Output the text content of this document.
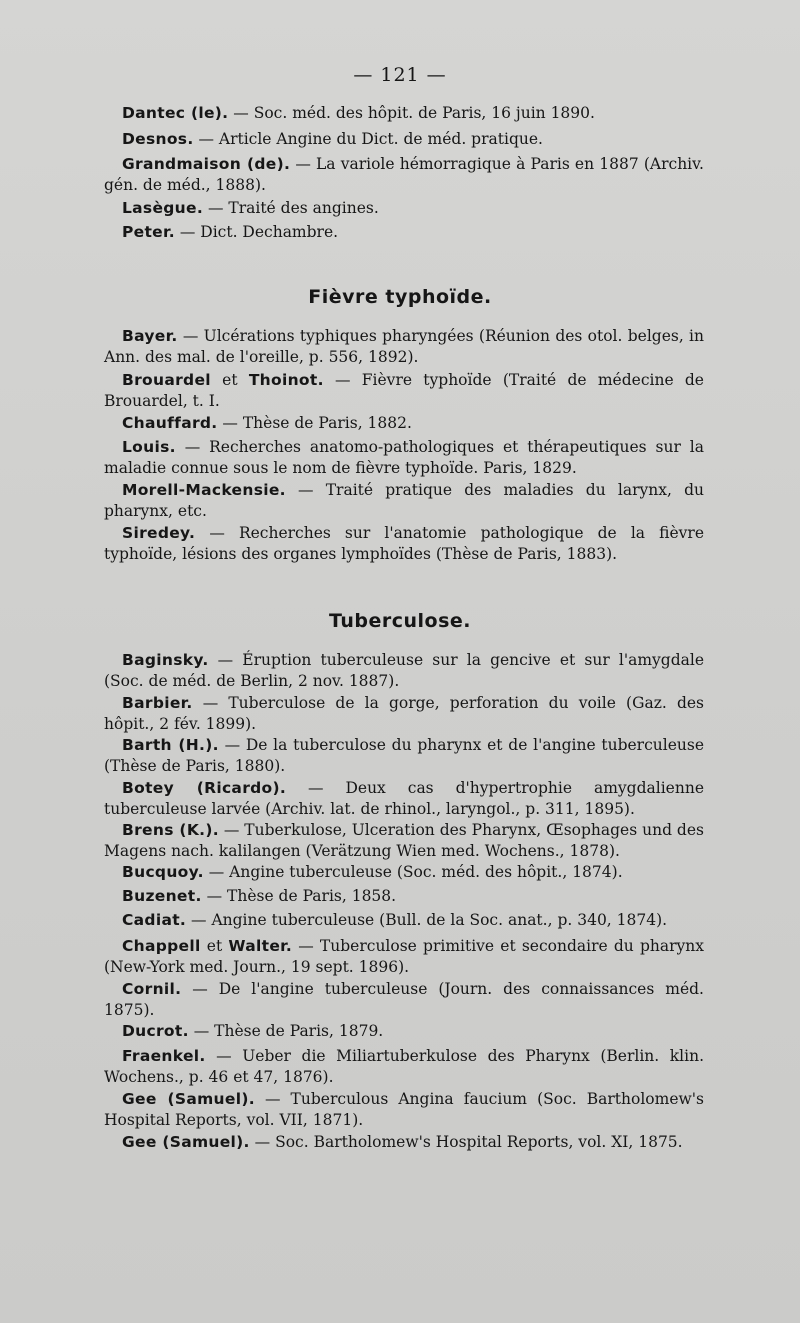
— 121 —
Dantec (le). — Soc. méd. des hôpit. de Paris, 16 juin 1890.
Desnos. — Article Angine du Dict. de méd. pratique.
Grandmaison (de). — La variole hémorragique à Paris en 1887 (Archiv. gén. de méd., 1888).
Lasègue. — Traité des angines.
Peter. — Dict. Dechambre.
Fièvre typhoïde.
Bayer. — Ulcérations typhiques pharyngées (Réunion des otol. belges, in Ann. des mal. de l'oreille, p. 556, 1892).
Brouardel et Thoinot. — Fièvre typhoïde (Traité de médecine de Brouardel, t. I.
Chauffard. — Thèse de Paris, 1882.
Louis. — Recherches anatomo-pathologiques et thérapeutiques sur la maladie connue sous le nom de fièvre typhoïde. Paris, 1829.
Morell-Mackensie. — Traité pratique des maladies du larynx, du pharynx, etc.
Siredey. — Recherches sur l'anatomie pathologique de la fièvre typhoïde, lésions des organes lymphoïdes (Thèse de Paris, 1883).
Tuberculose.
Baginsky. — Éruption tuberculeuse sur la gencive et sur l'amygdale (Soc. de méd. de Berlin, 2 nov. 1887).
Barbier. — Tuberculose de la gorge, perforation du voile (Gaz. des hôpit., 2 fév. 1899).
Barth (H.). — De la tuberculose du pharynx et de l'angine tuberculeuse (Thèse de Paris, 1880).
Botey (Ricardo). — Deux cas d'hypertrophie amygdalienne tuberculeuse larvée (Archiv. lat. de rhinol., laryngol., p. 311, 1895).
Brens (K.). — Tuberkulose, Ulceration des Pharynx, Œsophages und des Magens nach. kalilangen (Verätzung Wien med. Wochens., 1878).
Bucquoy. — Angine tuberculeuse (Soc. méd. des hôpit., 1874).
Buzenet. — Thèse de Paris, 1858.
Cadiat. — Angine tuberculeuse (Bull. de la Soc. anat., p. 340, 1874).
Chappell et Walter. — Tuberculose primitive et secondaire du pharynx (New-York med. Journ., 19 sept. 1896).
Cornil. — De l'angine tuberculeuse (Journ. des connaissances méd. 1875).
Ducrot. — Thèse de Paris, 1879.
Fraenkel. — Ueber die Miliartuberkulose des Pharynx (Berlin. klin. Wochens., p. 46 et 47, 1876).
Gee (Samuel). — Tuberculous Angina faucium (Soc. Bartholomew's Hospital Reports, vol. VII, 1871).
Gee (Samuel). — Soc. Bartholomew's Hospital Reports, vol. XI, 1875.
